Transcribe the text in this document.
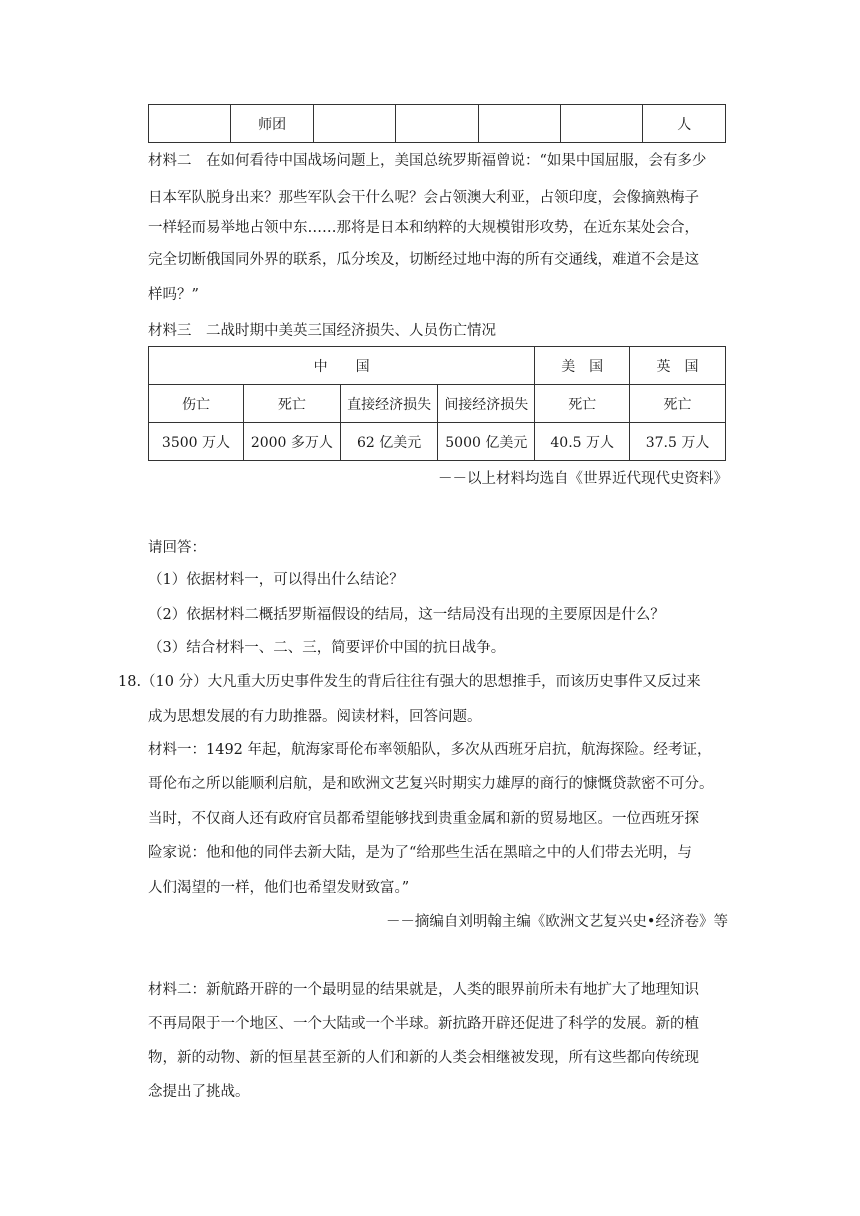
	师团					人
材料二　在如何看待中国战场问题上，美国总统罗斯福曾说：“如果中国屈服，会有多少
日本军队脱身出来？那些军队会干什么呢？会占领澳大利亚，占领印度，会像摘熟梅子
一样轻而易举地占领中东……那将是日本和纳粹的大规模钳形攻势，在近东某处会合，
完全切断俄国同外界的联系，瓜分埃及，切断经过地中海的所有交通线，难道不会是这
样吗？”
材料三　二战时期中美英三国经济损失、人员伤亡情况
中　　国				美　国	英　国
伤亡	死亡	直接经济损失	间接经济损失	死亡	死亡
3500 万人	2000 多万人	62 亿美元	5000 亿美元	40.5 万人	37.5 万人
－－以上材料均选自《世界近代现代史资料》
请回答：
（1）依据材料一，可以得出什么结论？
（2）依据材料二概括罗斯福假设的结局，这一结局没有出现的主要原因是什么？
（3）结合材料一、二、三，简要评价中国的抗日战争。
18.（10 分）大凡重大历史事件发生的背后往往有强大的思想推手，而该历史事件又反过来
成为思想发展的有力助推器。阅读材料，回答问题。
材料一：1492 年起，航海家哥伦布率领船队，多次从西班牙启抗，航海探险。经考证，
哥伦布之所以能顺利启航，是和欧洲文艺复兴时期实力雄厚的商行的慷慨贷款密不可分。
当时，不仅商人还有政府官员都希望能够找到贵重金属和新的贸易地区。一位西班牙探
险家说：他和他的同伴去新大陆，是为了“给那些生活在黑暗之中的人们带去光明，与
人们渴望的一样，他们也希望发财致富。”
－－摘编自刘明翰主编《欧洲文艺复兴史•经济卷》等
材料二：新航路开辟的一个最明显的结果就是，人类的眼界前所未有地扩大了地理知识
不再局限于一个地区、一个大陆或一个半球。新抗路开辟还促进了科学的发展。新的植
物，新的动物、新的恒星甚至新的人们和新的人类会相继被发现，所有这些都向传统现
念提出了挑战。
